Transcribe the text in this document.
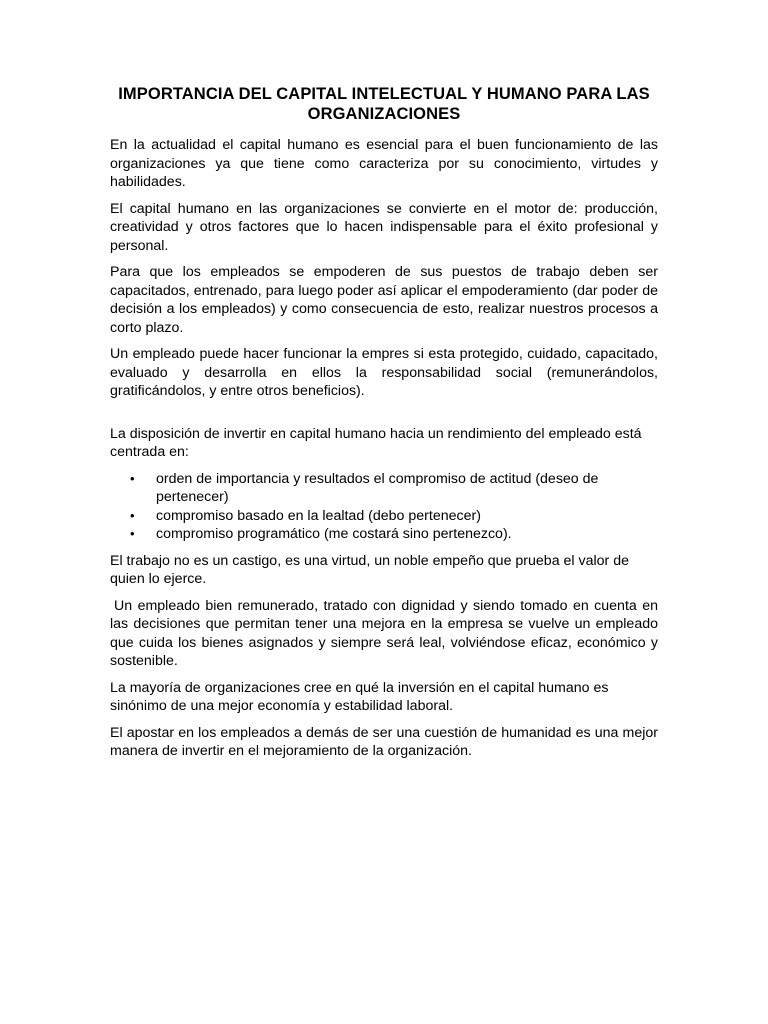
IMPORTANCIA DEL CAPITAL INTELECTUAL Y HUMANO PARA LAS ORGANIZACIONES

En la actualidad el capital humano es esencial para el buen funcionamiento de las organizaciones ya que tiene como caracteriza por su conocimiento, virtudes y habilidades.

El capital humano en las organizaciones se convierte en el motor de: producción, creatividad y otros factores que lo hacen indispensable para el éxito profesional y personal.

Para que los empleados se empoderen de sus puestos de trabajo deben ser capacitados, entrenado, para luego poder así aplicar el empoderamiento (dar poder de decisión a los empleados) y como consecuencia de esto, realizar nuestros procesos a corto plazo.

Un empleado puede hacer funcionar la empres si esta protegido, cuidado, capacitado, evaluado y desarrolla en ellos la responsabilidad social (remunerándolos, gratificándolos, y entre otros beneficios).

La disposición de invertir en capital humano hacia un rendimiento del empleado está centrada en:

• orden de importancia y resultados el compromiso de actitud (deseo de pertenecer)
• compromiso basado en la lealtad (debo pertenecer)
• compromiso programático (me costará sino pertenezco).

El trabajo no es un castigo, es una virtud, un noble empeño que prueba el valor de quien lo ejerce.

Un empleado bien remunerado, tratado con dignidad y siendo tomado en cuenta en las decisiones que permitan tener una mejora en la empresa se vuelve un empleado que cuida los bienes asignados y siempre será leal, volviéndose eficaz, económico y sostenible.

La mayoría de organizaciones cree en qué la inversión en el capital humano es sinónimo de una mejor economía y estabilidad laboral.

El apostar en los empleados a demás de ser una cuestión de humanidad es una mejor manera de invertir en el mejoramiento de la organización.
